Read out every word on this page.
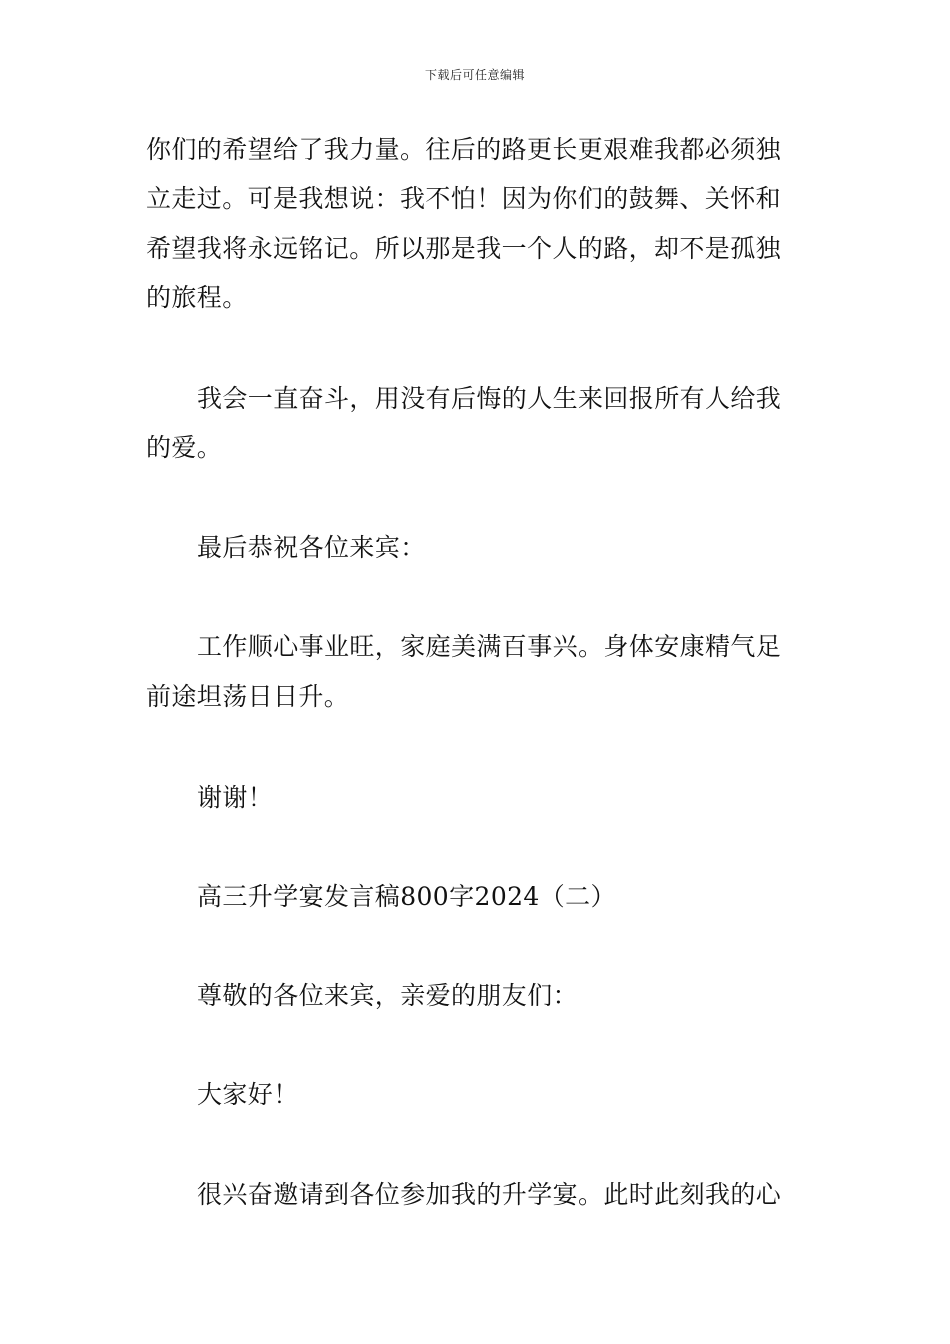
下载后可任意编辑
你们的希望给了我力量。往后的路更长更艰难我都必须独
立走过。可是我想说：我不怕！因为你们的鼓舞、关怀和
希望我将永远铭记。所以那是我一个人的路，却不是孤独
的旅程。
我会一直奋斗，用没有后悔的人生来回报所有人给我
的爱。
最后恭祝各位来宾：
工作顺心事业旺，家庭美满百事兴。身体安康精气足
前途坦荡日日升。
谢谢！
高三升学宴发言稿800字2024（二）
尊敬的各位来宾，亲爱的朋友们：
大家好！
很兴奋邀请到各位参加我的升学宴。此时此刻我的心
